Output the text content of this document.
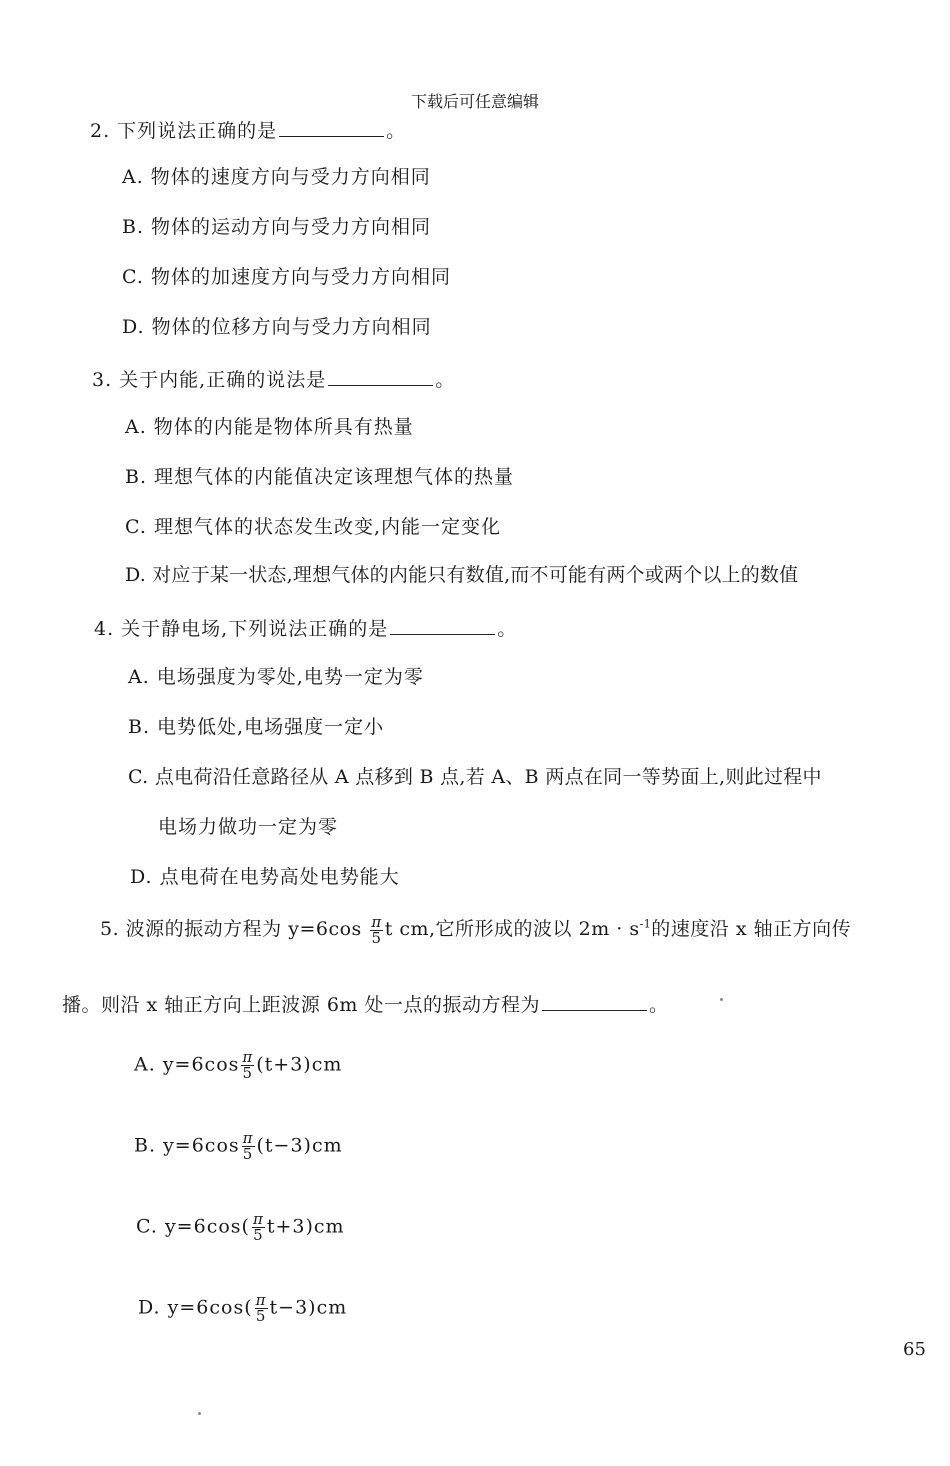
下载后可任意编辑
2. 下列说法正确的是	。
A. 物体的速度方向与受力方向相同
B. 物体的运动方向与受力方向相同
C. 物体的加速度方向与受力方向相同
D. 物体的位移方向与受力方向相同
3. 关于内能,正确的说法是	。
A. 物体的内能是物体所具有热量
B. 理想气体的内能值决定该理想气体的热量
C. 理想气体的状态发生改变,内能一定变化
D. 对应于某一状态,理想气体的内能只有数值,而不可能有两个或两个以上的数值
4. 关于静电场,下列说法正确的是	。
A. 电场强度为零处,电势一定为零
B. 电势低处,电场强度一定小
C. 点电荷沿任意路径从 A 点移到 B 点,若 A、B 两点在同一等势面上,则此过程中
电场力做功一定为零
D. 点电荷在电势高处电势能大
5. 波源的振动方程为 $y=6\cos \frac{\pi}{5}$ t cm,它所形成的波以 $2m \cdot s^{-1}$的速度沿 x 轴正方向传
播。则沿 x 轴正方向上距波源 6m 处一点的振动方程为	。
A. $y=6\cos \frac{\pi}{5} (t+3)cm$
B. $y=6\cos \frac{\pi}{5} (t-3)cm$
C. $y=6\cos( \frac{\pi}{5} t+3)cm$
D. $y=6\cos( \frac{\pi}{5} t-3)cm$
65
